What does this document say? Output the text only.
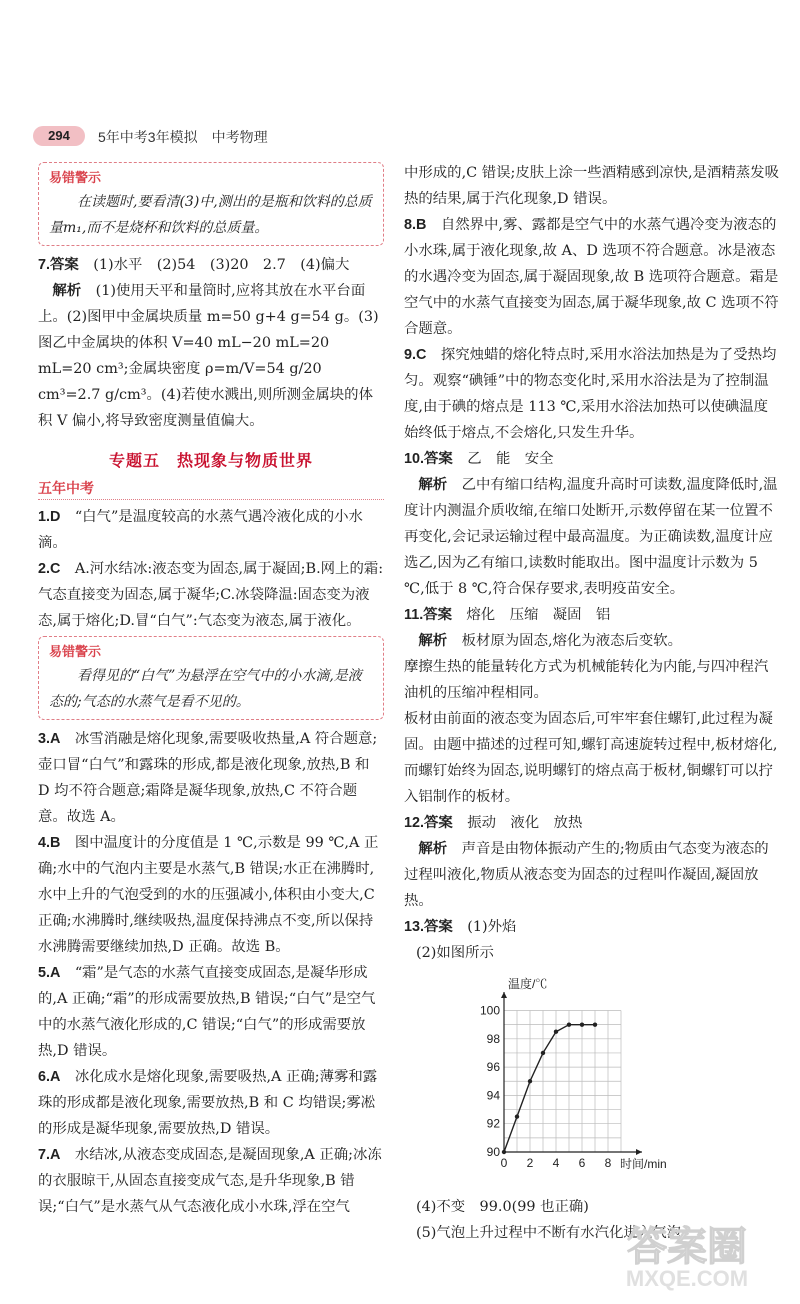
294	5年中考3年模拟　中考物理
易错警示
在读题时,要看清(3)中,测出的是瓶和饮料的总质量m₁,而不是烧杯和饮料的总质量。

7.答案　 (1)水平　(2)54　(3)20　2.7　(4)偏大

　解析　 (1)使用天平和量筒时,应将其放在水平台面上。(2)图甲中金属块质量 m=50 g+4 g=54 g。(3)图乙中金属块的体积 V=40 mL−20 mL=20 mL=20 cm³;金属块密度 ρ=m/V=54 g/20 cm³=2.7 g/cm³。(4)若使水溅出,则所测金属块的体积 V 偏小,将导致密度测量值偏大。

专题五　热现象与物质世界
五年中考

1.D　 “白气”是温度较高的水蒸气遇冷液化成的小水滴。

2.C　 A.河水结冰:液态变为固态,属于凝固;B.网上的霜:气态直接变为固态,属于凝华;C.冰袋降温:固态变为液态,属于熔化;D.冒“白气”:气态变为液态,属于液化。

易错警示
看得见的“白气”为悬浮在空气中的小水滴,是液态的;气态的水蒸气是看不见的。

3.A　 冰雪消融是熔化现象,需要吸收热量,A 符合题意;壶口冒“白气”和露珠的形成,都是液化现象,放热,B 和 D 均不符合题意;霜降是凝华现象,放热,C 不符合题意。故选 A。

4.B　 图中温度计的分度值是 1 ℃,示数是 99 ℃,A 正确;水中的气泡内主要是水蒸气,B 错误;水正在沸腾时,水中上升的气泡受到的水的压强减小,体积由小变大,C 正确;水沸腾时,继续吸热,温度保持沸点不变,所以保持水沸腾需要继续加热,D 正确。故选 B。

5.A　 “霜”是气态的水蒸气直接变成固态,是凝华形成的,A 正确;“霜”的形成需要放热,B 错误;“白气”是空气中的水蒸气液化形成的,C 错误;“白气”的形成需要放热,D 错误。

6.A　 冰化成水是熔化现象,需要吸热,A 正确;薄雾和露珠的形成都是液化现象,需要放热,B 和 C 均错误;雾凇的形成是凝华现象,需要放热,D 错误。

7.A　 水结冰,从液态变成固态,是凝固现象,A 正确;冰冻的衣服晾干,从固态直接变成气态,是升华现象,B 错误;“白气”是水蒸气从气态液化成小水珠,浮在空气

中形成的,C 错误;皮肤上涂一些酒精感到凉快,是酒精蒸发吸热的结果,属于汽化现象,D 错误。

8.B　 自然界中,雾、露都是空气中的水蒸气遇冷变为液态的小水珠,属于液化现象,故 A、D 选项不符合题意。冰是液态的水遇冷变为固态,属于凝固现象,故 B 选项符合题意。霜是空气中的水蒸气直接变为固态,属于凝华现象,故 C 选项不符合题意。

9.C　 探究烛蜡的熔化特点时,采用水浴法加热是为了受热均匀。观察“碘锤”中的物态变化时,采用水浴法是为了控制温度,由于碘的熔点是 113 ℃,采用水浴法加热可以使碘温度始终低于熔点,不会熔化,只发生升华。

10.答案　 乙　能　安全

　解析　 乙中有缩口结构,温度升高时可读数,温度降低时,温度计内测温介质收缩,在缩口处断开,示数停留在某一位置不再变化,会记录运输过程中最高温度。为正确读数,温度计应选乙,因为乙有缩口,读数时能取出。图中温度计示数为 5 ℃,低于 8 ℃,符合保存要求,表明疫苗安全。

11.答案　 熔化　压缩　凝固　铝

　解析　 板材原为固态,熔化为液态后变软。

摩擦生热的能量转化方式为机械能转化为内能,与四冲程汽油机的压缩冲程相同。

板材由前面的液态变为固态后,可牢牢套住螺钉,此过程为凝固。由题中描述的过程可知,螺钉高速旋转过程中,板材熔化,而螺钉始终为固态,说明螺钉的熔点高于板材,铜螺钉可以拧入铝制作的板材。

12.答案　 振动　液化　放热

　解析　 声音是由物体振动产生的;物质由气态变为液态的过程叫液化,物质从液态变为固态的过程叫作凝固,凝固放热。

13.答案　 (1)外焰

(2)如图所示

0 2 4 6 8
90
92
94
96
98
100
温度/℃
时间/min

(4)不变　99.0(99 也正确)

(5)气泡上升过程中不断有水汽化进入气泡

答案圈
MXQE.COM
